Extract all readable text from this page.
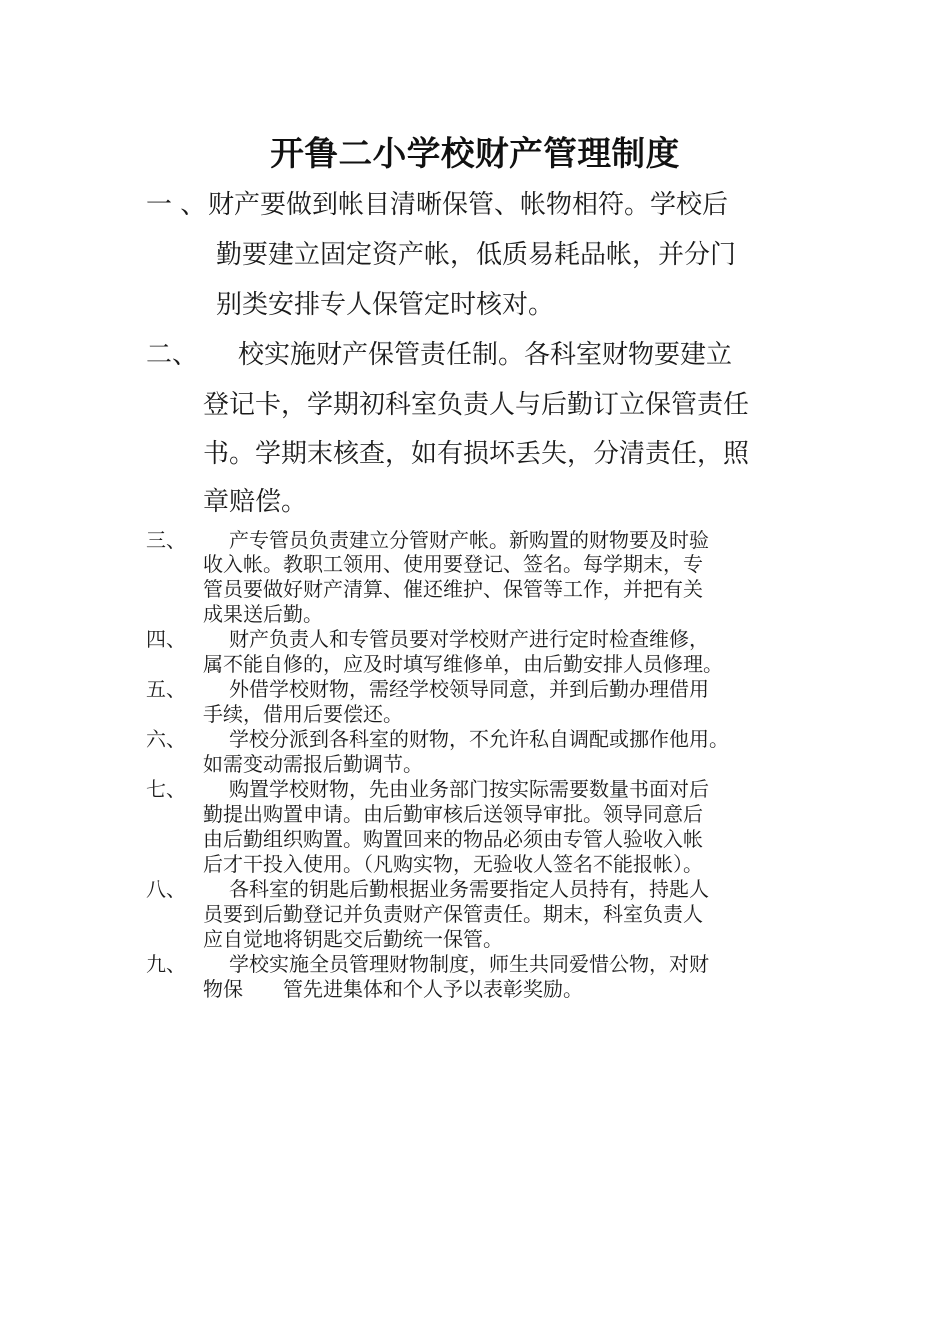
开鲁二小学校财产管理制度
一 、 财产要做到帐目清晰保管、帐物相符。学校后
勤要建立固定资产帐，低质易耗品帐，并分门
别类安排专人保管定时核对。
二、 校实施财产保管责任制。各科室财物要建立
登记卡，学期初科室负责人与后勤订立保管责任
书。学期末核查，如有损坏丢失，分清责任，照
章赔偿。
三、 产专管员负责建立分管财产帐。新购置的财物要及时验
收入帐。教职工领用、使用要登记、签名。每学期末，专
管员要做好财产清算、催还维护、保管等工作，并把有关
成果送后勤。
四、 财产负责人和专管员要对学校财产进行定时检查维修，
属不能自修的，应及时填写维修单，由后勤安排人员修理。
五、 外借学校财物，需经学校领导同意，并到后勤办理借用
手续，借用后要偿还。
六、 学校分派到各科室的财物，不允许私自调配或挪作他用。
如需变动需报后勤调节。
七、 购置学校财物，先由业务部门按实际需要数量书面对后
勤提出购置申请。由后勤审核后送领导审批。领导同意后
由后勤组织购置。购置回来的物品必须由专管人验收入帐
后才干投入使用。（凡购实物，无验收人签名不能报帐）。
八、 各科室的钥匙后勤根据业务需要指定人员持有，持匙人
员要到后勤登记并负责财产保管责任。期末，科室负责人
应自觉地将钥匙交后勤统一保管。
九、 学校实施全员管理财物制度，师生共同爱惜公物，对财
物保　　管先进集体和个人予以表彰奖励。
